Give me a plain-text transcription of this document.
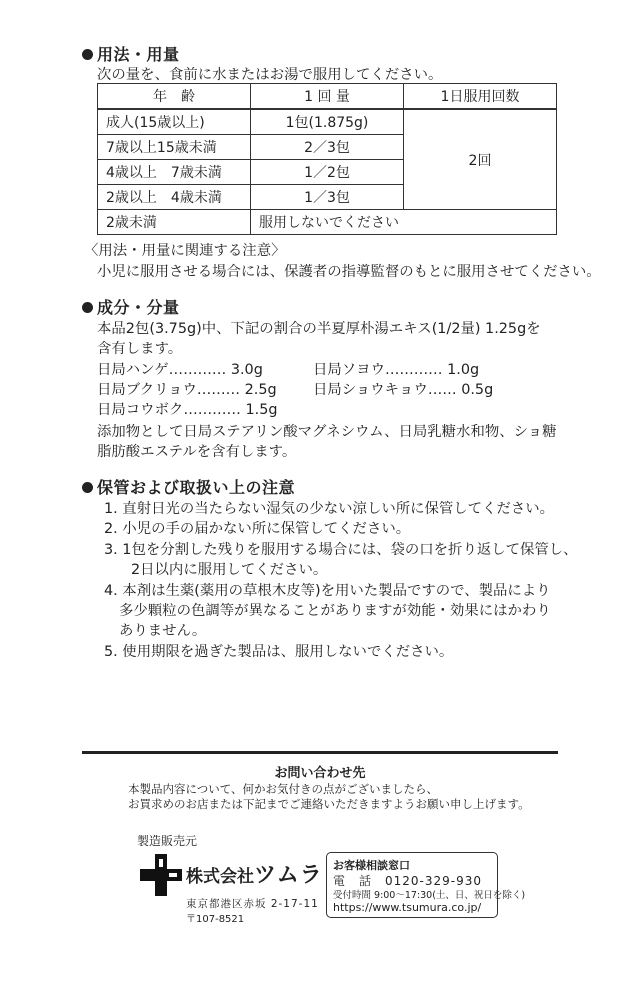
用法・用量
次の量を、食前に水またはお湯で服用してください。
年　齢	1 回 量	1日服用回数
成人(15歳以上)	1包(1.875g)	2回
7歳以上15歳未満	2／3包	
4歳以上　7歳未満	1／2包	
2歳以上　4歳未満	1／3包	
2歳未満	服用しないでください	
〈用法・用量に関連する注意〉
小児に服用させる場合には、保護者の指導監督のもとに服用させてください。
成分・分量
本品2包(3.75g)中、下記の割合の半夏厚朴湯エキス(1/2量) 1.25gを
含有します。
日局ハンゲ………… 3.0g	日局ソヨウ………… 1.0g
日局ブクリョウ……… 2.5g	日局ショウキョウ…… 0.5g
日局コウボク………… 1.5g
添加物として日局ステアリン酸マグネシウム、日局乳糖水和物、ショ糖
脂肪酸エステルを含有します。
保管および取扱い上の注意
1. 直射日光の当たらない湿気の少ない涼しい所に保管してください。
2. 小児の手の届かない所に保管してください。
3. 1包を分割した残りを服用する場合には、袋の口を折り返して保管し、
2日以内に服用してください。
4. 本剤は生薬(薬用の草根木皮等)を用いた製品ですので、製品により
多少顆粒の色調等が異なることがありますが効能・効果にはかわり
ありません。
5. 使用期限を過ぎた製品は、服用しないでください。
お問い合わせ先
本製品内容について、何かお気付きの点がございましたら、
お買求めのお店または下記までご連絡いただきますようお願い申し上げます。
製造販売元
株式会社ツムラ
東京都港区赤坂 2-17-11
〒107-8521
お客様相談窓口
電　話　0120-329-930
受付時間 9:00～17:30(土、日、祝日を除く)
https://www.tsumura.co.jp/
